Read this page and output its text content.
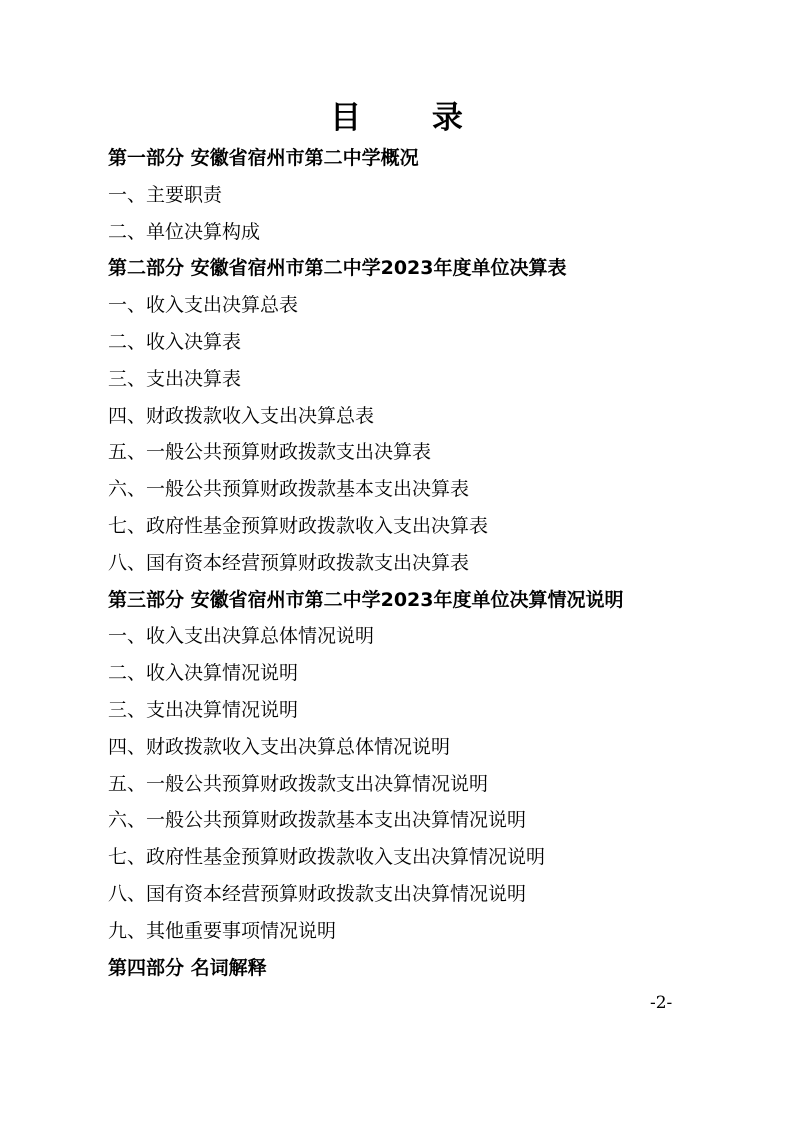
目 录
第一部分 安徽省宿州市第二中学概况
一、主要职责
二、单位决算构成
第二部分 安徽省宿州市第二中学2023年度单位决算表
一、收入支出决算总表
二、收入决算表
三、支出决算表
四、财政拨款收入支出决算总表
五、一般公共预算财政拨款支出决算表
六、一般公共预算财政拨款基本支出决算表
七、政府性基金预算财政拨款收入支出决算表
八、国有资本经营预算财政拨款支出决算表
第三部分 安徽省宿州市第二中学2023年度单位决算情况说明
一、收入支出决算总体情况说明
二、收入决算情况说明
三、支出决算情况说明
四、财政拨款收入支出决算总体情况说明
五、一般公共预算财政拨款支出决算情况说明
六、一般公共预算财政拨款基本支出决算情况说明
七、政府性基金预算财政拨款收入支出决算情况说明
八、国有资本经营预算财政拨款支出决算情况说明
九、其他重要事项情况说明
第四部分 名词解释
-2-
